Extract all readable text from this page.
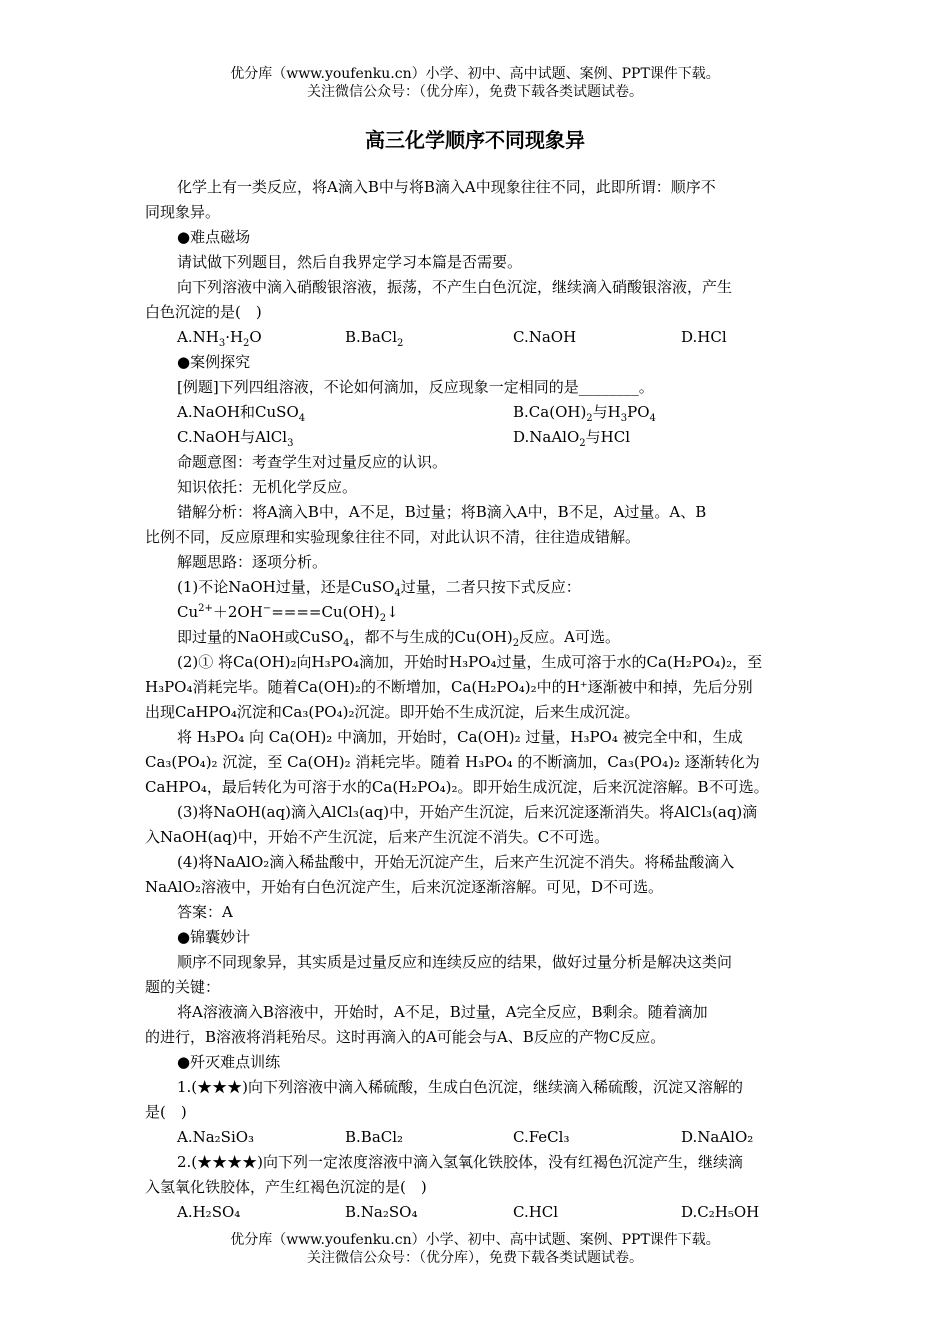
优分库（www.youfenku.cn）小学、初中、高中试题、案例、PPT课件下载。
关注微信公众号：（优分库），免费下载各类试题试卷。
高三化学顺序不同现象异
化学上有一类反应，将A滴入B中与将B滴入A中现象往往不同，此即所谓：顺序不
同现象异。
●难点磁场
请试做下列题目，然后自我界定学习本篇是否需要。
向下列溶液中滴入硝酸银溶液，振荡，不产生白色沉淀，继续滴入硝酸银溶液，产生
白色沉淀的是(　)
$A.NH_3\cdot H_2O$	B.BaCl$_2$	C.NaOH	D.HCl
●案例探究
[例题]下列四组溶液，不论如何滴加，反应现象一定相同的是________。
A.NaOH和CuSO$_4$	$B.Ca(OH)_2$与$H_3PO_4$
C.NaOH与AlCl$_3$	D.NaAlO$_2$与HCl
命题意图：考查学生对过量反应的认识。
知识依托：无机化学反应。
错解分析：将A滴入B中，A不足，B过量；将B滴入A中，B不足，A过量。A、B
比例不同，反应原理和实验现象往往不同，对此认识不清，往往造成错解。
解题思路：逐项分析。
(1)不论NaOH过量，还是CuSO$_4$过量，二者只按下式反应：
$Cu^{2+}+2OH^-====Cu(OH)_2↓$
即过量的NaOH或CuSO$_4$，都不与生成的$Cu(OH)_2$反应。A可选。
(2)① 将Ca(OH)₂向H₃PO₄滴加，开始时H₃PO₄过量，生成可溶于水的Ca(H₂PO₄)₂，至
H₃PO₄消耗完毕。随着Ca(OH)₂的不断增加，Ca(H₂PO₄)₂中的H⁺逐渐被中和掉，先后分别
出现CaHPO₄沉淀和Ca₃(PO₄)₂沉淀。即开始不生成沉淀，后来生成沉淀。
将 H₃PO₄ 向 Ca(OH)₂ 中滴加，开始时，Ca(OH)₂ 过量，H₃PO₄ 被完全中和，生成
Ca₃(PO₄)₂ 沉淀，至 Ca(OH)₂ 消耗完毕。随着 H₃PO₄ 的不断滴加，Ca₃(PO₄)₂ 逐渐转化为
CaHPO₄，最后转化为可溶于水的Ca(H₂PO₄)₂。即开始生成沉淀，后来沉淀溶解。B不可选。
(3)将NaOH(aq)滴入AlCl₃(aq)中，开始产生沉淀，后来沉淀逐渐消失。将AlCl₃(aq)滴
入NaOH(aq)中，开始不产生沉淀，后来产生沉淀不消失。C不可选。
(4)将NaAlO₂滴入稀盐酸中，开始无沉淀产生，后来产生沉淀不消失。将稀盐酸滴入
NaAlO₂溶液中，开始有白色沉淀产生，后来沉淀逐渐溶解。可见，D不可选。
答案：A
●锦囊妙计
顺序不同现象异，其实质是过量反应和连续反应的结果，做好过量分析是解决这类问
题的关键：
将A溶液滴入B溶液中，开始时，A不足，B过量，A完全反应，B剩余。随着滴加
的进行，B溶液将消耗殆尽。这时再滴入的A可能会与A、B反应的产物C反应。
●歼灭难点训练
1.(★★★)向下列溶液中滴入稀硫酸，生成白色沉淀，继续滴入稀硫酸，沉淀又溶解的
是(　)
A.Na₂SiO₃	B.BaCl₂	C.FeCl₃	D.NaAlO₂
2.(★★★★)向下列一定浓度溶液中滴入氢氧化铁胶体，没有红褐色沉淀产生，继续滴
入氢氧化铁胶体，产生红褐色沉淀的是(　)
A.H₂SO₄	B.Na₂SO₄	C.HCl	D.C₂H₅OH
优分库（www.youfenku.cn）小学、初中、高中试题、案例、PPT课件下载。
关注微信公众号：（优分库），免费下载各类试题试卷。
